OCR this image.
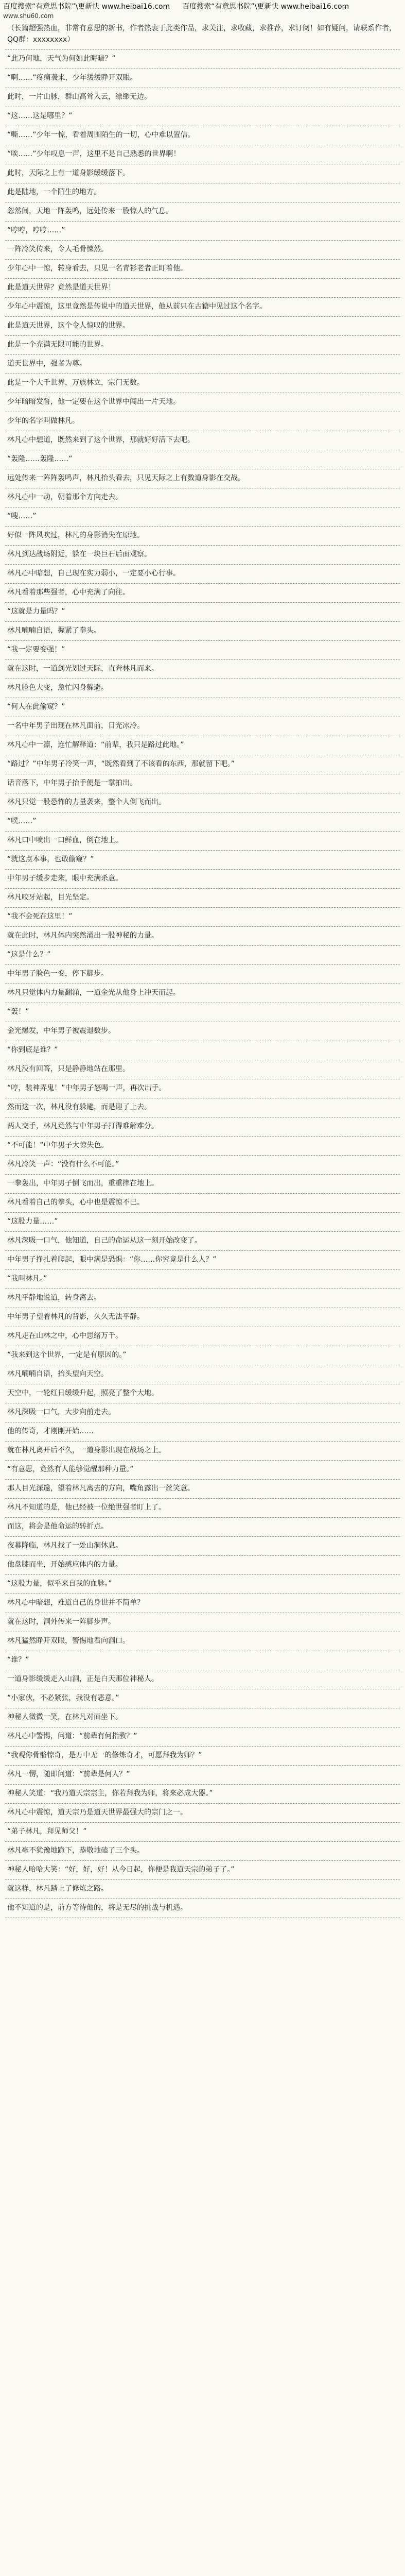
百度搜索“有意思书院”\更新快 www.heibai16.com 百度搜索“有意思书院”\更新快 www.heibai16.com
www.shu60.com

（长篇超强热血，非常有意思的新书，作者热衷于此类作品，求关注，求收藏，求推荐，求订阅！如有疑问，请联系作者，QQ群：xxxxxxxx）

“此乃何地，天气为何如此晦暗？”

“啊……”疼痛袭来，少年缓缓睁开双眼。

此时，一片山脉，群山高耸入云，缥缈无边。

“这……这是哪里？”

“嘶……”少年一惊，看着周围陌生的一切，心中难以置信。

“唉……”少年叹息一声，这里不是自己熟悉的世界啊！

此时，天际之上有一道身影缓缓落下。

此是陆地，一个陌生的地方。

忽然间，天地一阵轰鸣，远处传来一股惊人的气息。

“哼哼，哼哼……”

一阵冷笑传来，令人毛骨悚然。

少年心中一惊，转身看去，只见一名青衫老者正盯着他。

此是道天世界？竟然是道天世界！

少年心中震惊，这里竟然是传说中的道天世界，他从前只在古籍中见过这个名字。

此是道天世界，这个令人惊叹的世界。

此是一个充满无限可能的世界。

道天世界中，强者为尊。

此是一个大千世界，万族林立，宗门无数。

少年暗暗发誓，他一定要在这个世界中闯出一片天地。

少年的名字叫做林凡。

林凡心中想道，既然来到了这个世界，那就好好活下去吧。

“轰隆……轰隆……”

远处传来一阵阵轰鸣声，林凡抬头看去，只见天际之上有数道身影在交战。

林凡心中一动，朝着那个方向走去。

“嗖……”

好似一阵风吹过，林凡的身影消失在原地。

林凡到达战场附近，躲在一块巨石后面观察。

林凡心中暗想，自己现在实力弱小，一定要小心行事。

林凡看着那些强者，心中充满了向往。

“这就是力量吗？”

林凡喃喃自语，握紧了拳头。

“我一定要变强！”

就在这时，一道剑光划过天际，直奔林凡而来。

林凡脸色大变，急忙闪身躲避。

“何人在此偷窥？”

一名中年男子出现在林凡面前，目光冰冷。

林凡心中一凛，连忙解释道：“前辈，我只是路过此地。”

“路过？”中年男子冷笑一声，“既然看到了不该看的东西，那就留下吧。”

话音落下，中年男子抬手便是一掌拍出。

林凡只觉一股恐怖的力量袭来，整个人倒飞而出。

“噗……”

林凡口中喷出一口鲜血，倒在地上。

“就这点本事，也敢偷窥？”

中年男子缓步走来，眼中充满杀意。

林凡咬牙站起，目光坚定。

“我不会死在这里！”

就在此时，林凡体内突然涌出一股神秘的力量。

“这是什么？”

中年男子脸色一变，停下脚步。

林凡只觉体内力量翻涌，一道金光从他身上冲天而起。

“轰！”

金光爆发，中年男子被震退数步。

“你到底是谁？”

林凡没有回答，只是静静地站在那里。

“哼，装神弄鬼！”中年男子怒喝一声，再次出手。

然而这一次，林凡没有躲避，而是迎了上去。

两人交手，林凡竟然与中年男子打得难解难分。

“不可能！”中年男子大惊失色。

林凡冷笑一声：“没有什么不可能。”

一拳轰出，中年男子倒飞而出，重重摔在地上。

林凡看着自己的拳头，心中也是震惊不已。

“这股力量……”

林凡深吸一口气，他知道，自己的命运从这一刻开始改变了。

中年男子挣扎着爬起，眼中满是恐惧：“你……你究竟是什么人？”

“我叫林凡。”

林凡平静地说道，转身离去。

中年男子望着林凡的背影，久久无法平静。

林凡走在山林之中，心中思绪万千。

“我来到这个世界，一定是有原因的。”

林凡喃喃自语，抬头望向天空。

天空中，一轮红日缓缓升起，照亮了整个大地。

林凡深吸一口气，大步向前走去。

他的传奇，才刚刚开始……

就在林凡离开后不久，一道身影出现在战场之上。

“有意思，竟然有人能够觉醒那种力量。”

那人目光深邃，望着林凡离去的方向，嘴角露出一丝笑意。

林凡不知道的是，他已经被一位绝世强者盯上了。

而这，将会是他命运的转折点。

夜幕降临，林凡找了一处山洞休息。

他盘膝而坐，开始感应体内的力量。

“这股力量，似乎来自我的血脉。”

林凡心中暗想，难道自己的身世并不简单？

就在这时，洞外传来一阵脚步声。

林凡猛然睁开双眼，警惕地看向洞口。

“谁？”

一道身影缓缓走入山洞，正是白天那位神秘人。

“小家伙，不必紧张，我没有恶意。”

神秘人微微一笑，在林凡对面坐下。

林凡心中警惕，问道：“前辈有何指教？”

“我观你骨骼惊奇，是万中无一的修炼奇才，可愿拜我为师？”

林凡一愣，随即问道：“前辈是何人？”

神秘人笑道：“我乃道天宗宗主，你若拜我为师，将来必成大器。”

林凡心中震惊，道天宗乃是道天世界最强大的宗门之一。

“弟子林凡，拜见师父！”

林凡毫不犹豫地跪下，恭敬地磕了三个头。

神秘人哈哈大笑：“好，好，好！从今日起，你便是我道天宗的弟子了。”

就这样，林凡踏上了修炼之路。

他不知道的是，前方等待他的，将是无尽的挑战与机遇。
